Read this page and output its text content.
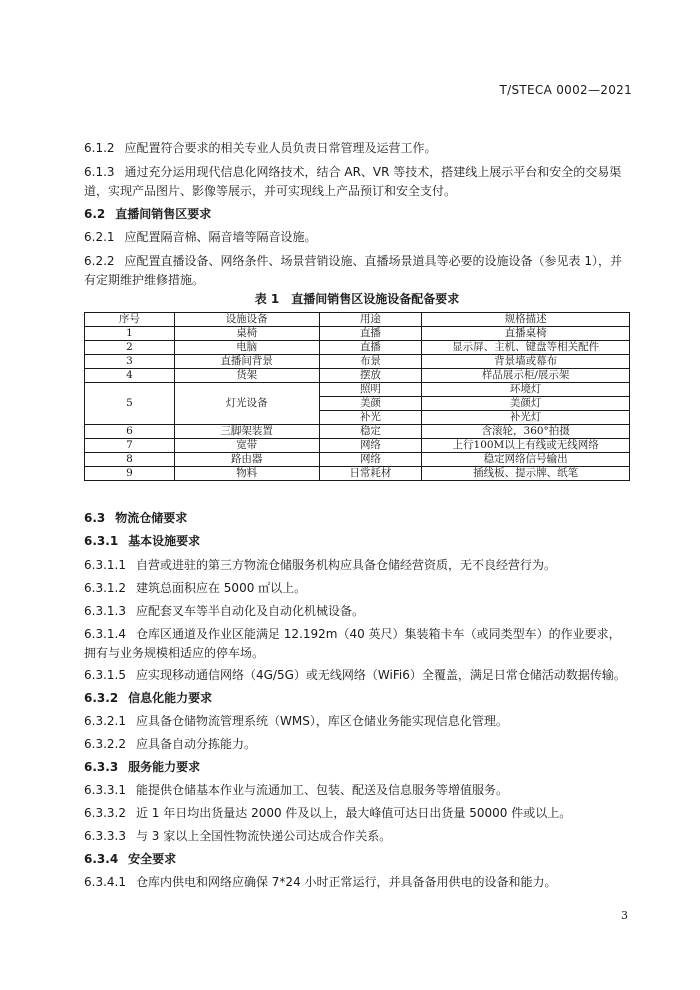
T/STECA 0002—2021
6.1.2 应配置符合要求的相关专业人员负责日常管理及运营工作。
6.1.3 通过充分运用现代信息化网络技术，结合 AR、VR 等技术，搭建线上展示平台和安全的交易渠道，实现产品图片、影像等展示，并可实现线上产品预订和安全支付。
6.2 直播间销售区要求
6.2.1 应配置隔音棉、隔音墙等隔音设施。
6.2.2 应配置直播设备、网络条件、场景营销设施、直播场景道具等必要的设施设备（参见表 1），并有定期维护维修措施。
表 1　直播间销售区设施设备配备要求
序号	设施设备	用途	规格描述
1	桌椅	直播	直播桌椅
2	电脑	直播	显示屏、主机、键盘等相关配件
3	直播间背景	布景	背景墙或幕布
4	货架	摆放	样品展示柜/展示架
5	灯光设备	照明	环境灯
		美颜	美颜灯
		补光	补光灯
6	三脚架装置	稳定	含滚轮，360°拍摄
7	宽带	网络	上行100M以上有线或无线网络
8	路由器	网络	稳定网络信号输出
9	物料	日常耗材	插线板、提示牌、纸笔
6.3 物流仓储要求
6.3.1 基本设施要求
6.3.1.1 自营或进驻的第三方物流仓储服务机构应具备仓储经营资质，无不良经营行为。
6.3.1.2 建筑总面积应在 5000 ㎡以上。
6.3.1.3 应配套叉车等半自动化及自动化机械设备。
6.3.1.4 仓库区通道及作业区能满足 12.192m（40 英尺）集装箱卡车（或同类型车）的作业要求，拥有与业务规模相适应的停车场。
6.3.1.5 应实现移动通信网络（4G/5G）或无线网络（WiFi6）全覆盖，满足日常仓储活动数据传输。
6.3.2 信息化能力要求
6.3.2.1 应具备仓储物流管理系统（WMS），库区仓储业务能实现信息化管理。
6.3.2.2 应具备自动分拣能力。
6.3.3 服务能力要求
6.3.3.1 能提供仓储基本作业与流通加工、包装、配送及信息服务等增值服务。
6.3.3.2 近 1 年日均出货量达 2000 件及以上，最大峰值可达日出货量 50000 件或以上。
6.3.3.3 与 3 家以上全国性物流快递公司达成合作关系。
6.3.4 安全要求
6.3.4.1 仓库内供电和网络应确保 7*24 小时正常运行，并具备备用供电的设备和能力。
3
